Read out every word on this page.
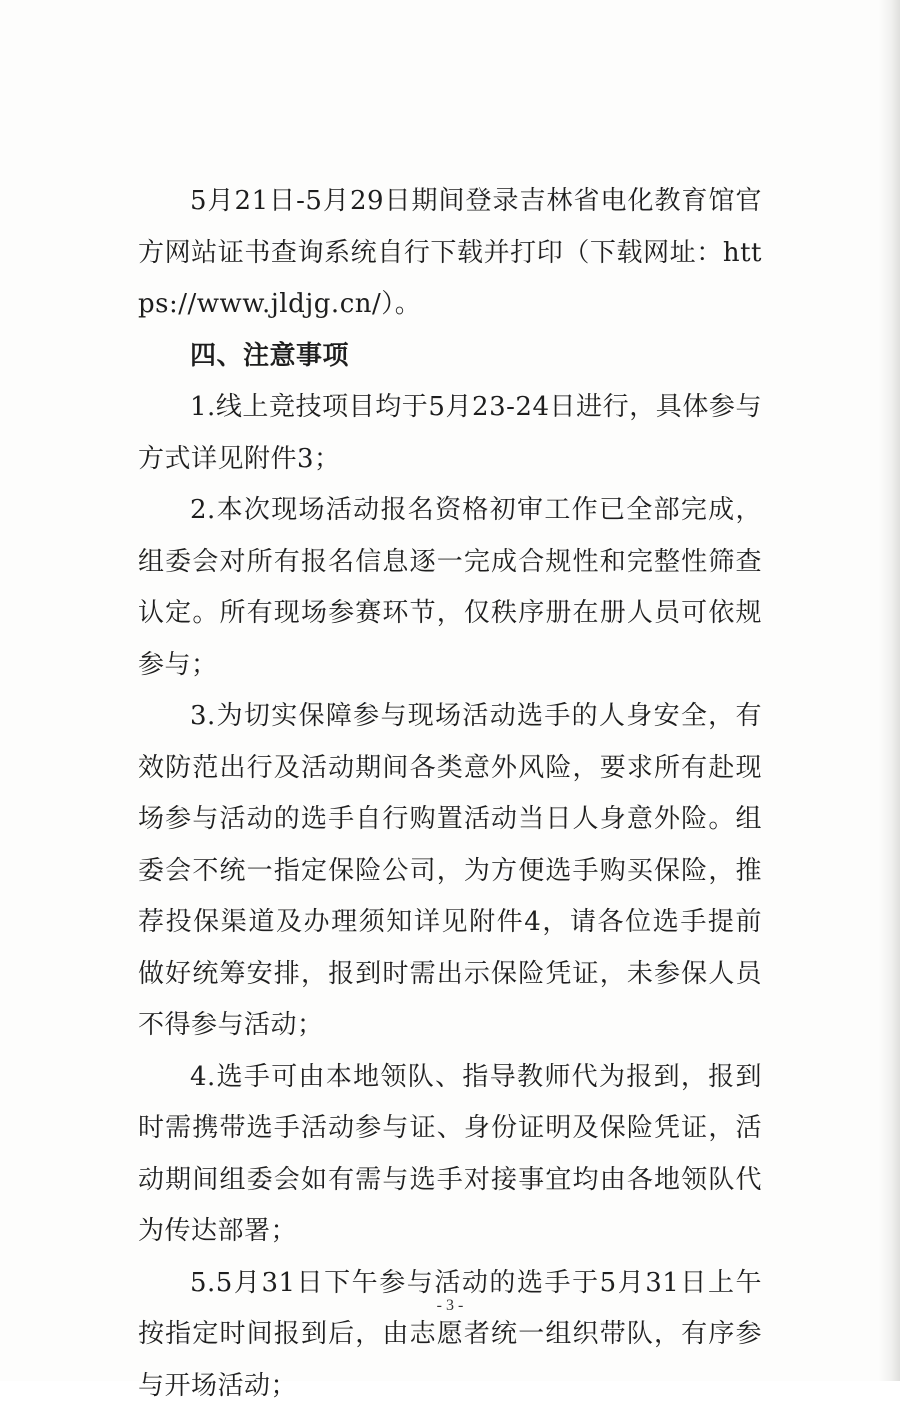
5月21日-5月29日期间登录吉林省电化教育馆官方网站证书查询系统自行下载并打印（下载网址：https://www.jldjg.cn/）。

四、注意事项

1.线上竞技项目均于5月23-24日进行，具体参与方式详见附件3；

2.本次现场活动报名资格初审工作已全部完成，组委会对所有报名信息逐一完成合规性和完整性筛查认定。所有现场参赛环节，仅秩序册在册人员可依规参与；

3.为切实保障参与现场活动选手的人身安全，有效防范出行及活动期间各类意外风险，要求所有赴现场参与活动的选手自行购置活动当日人身意外险。组委会不统一指定保险公司，为方便选手购买保险，推荐投保渠道及办理须知详见附件4，请各位选手提前做好统筹安排，报到时需出示保险凭证，未参保人员不得参与活动；

4.选手可由本地领队、指导教师代为报到，报到时需携带选手活动参与证、身份证明及保险凭证，活动期间组委会如有需与选手对接事宜均由各地领队代为传达部署；

5.5月31日下午参与活动的选手于5月31日上午按指定时间报到后，由志愿者统一组织带队，有序参与开场活动；

- 3 -
